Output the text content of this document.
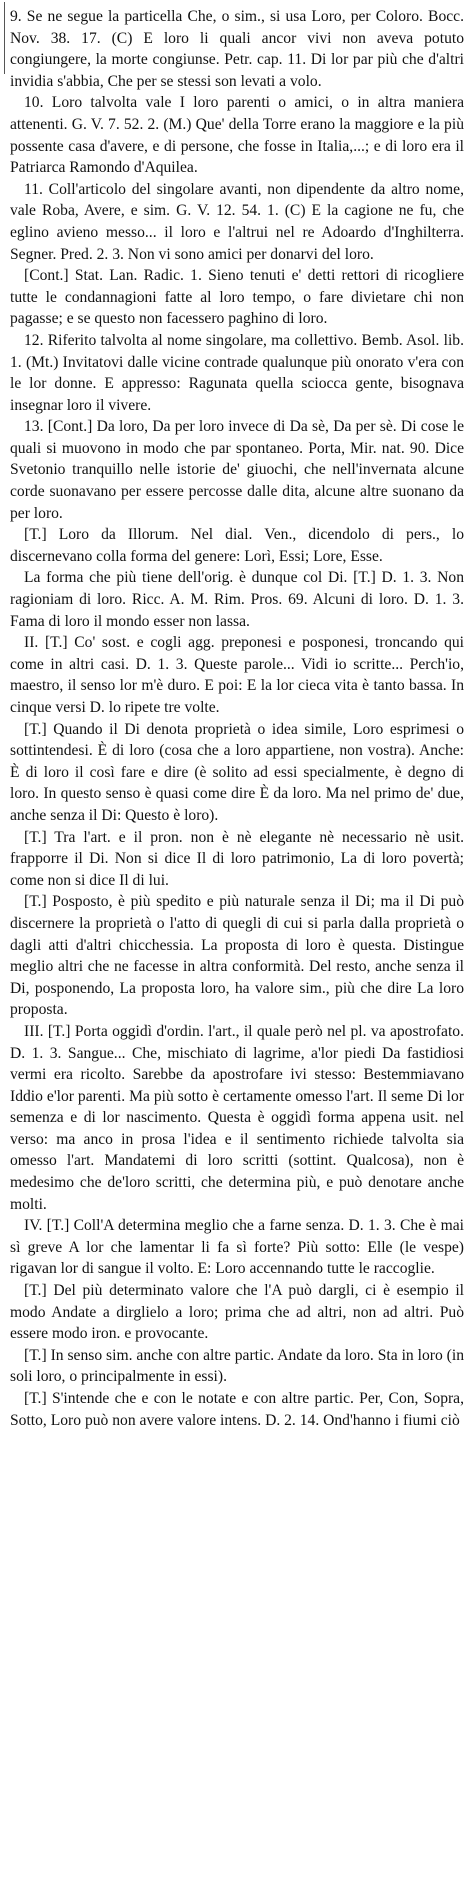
9. Se ne segue la particella Che, o sim., si usa Loro, per Coloro. Bocc. Nov. 38. 17. (C) E loro li quali ancor vivi non aveva potuto congiungere, la morte congiunse. Petr. cap. 11. Di lor par più che d'altri invidia s'abbia, Che per se stessi son levati a volo.

10. Loro talvolta vale I loro parenti o amici, o in altra maniera attenenti. G. V. 7. 52. 2. (M.) Que' della Torre erano la maggiore e la più possente casa d'avere, e di persone, che fosse in Italia,...; e di loro era il Patriarca Ramondo d'Aquilea.

11. Coll'articolo del singolare avanti, non dipendente da altro nome, vale Roba, Avere, e sim. G. V. 12. 54. 1. (C) E la cagione ne fu, che eglino avieno messo... il loro e l'altrui nel re Adoardo d'Inghilterra. Segner. Pred. 2. 3. Non vi sono amici per donarvi del loro.

[Cont.] Stat. Lan. Radic. 1. Sieno tenuti e' detti rettori di ricogliere tutte le condannagioni fatte al loro tempo, o fare divietare chi non pagasse; e se questo non facessero paghino di loro.

12. Riferito talvolta al nome singolare, ma collettivo. Bemb. Asol. lib. 1. (Mt.) Invitatovi dalle vicine contrade qualunque più onorato v'era con le lor donne. E appresso: Ragunata quella sciocca gente, bisognava insegnar loro il vivere.

13. [Cont.] Da loro, Da per loro invece di Da sè, Da per sè. Di cose le quali si muovono in modo che par spontaneo. Porta, Mir. nat. 90. Dice Svetonio tranquillo nelle istorie de' giuochi, che nell'invernata alcune corde suonavano per essere percosse dalle dita, alcune altre suonano da per loro.

[T.] Loro da Illorum. Nel dial. Ven., dicendolo di pers., lo discernevano colla forma del genere: Lorì, Essi; Lore, Esse.

La forma che più tiene dell'orig. è dunque col Di. [T.] D. 1. 3. Non ragioniam di loro. Ricc. A. M. Rim. Pros. 69. Alcuni di loro. D. 1. 3. Fama di loro il mondo esser non lassa.

II. [T.] Co' sost. e cogli agg. preponesi e posponesi, troncando qui come in altri casi. D. 1. 3. Queste parole... Vidi io scritte... Perch'io, maestro, il senso lor m'è duro. E poi: E la lor cieca vita è tanto bassa. In cinque versi D. lo ripete tre volte.

[T.] Quando il Di denota proprietà o idea simile, Loro esprimesi o sottintendesi. È di loro (cosa che a loro appartiene, non vostra). Anche: È di loro il così fare e dire (è solito ad essi specialmente, è degno di loro. In questo senso è quasi come dire È da loro. Ma nel primo de' due, anche senza il Di: Questo è loro).

[T.] Tra l'art. e il pron. non è nè elegante nè necessario nè usit. frapporre il Di. Non si dice Il di loro patrimonio, La di loro povertà; come non si dice Il di lui.

[T.] Posposto, è più spedito e più naturale senza il Di; ma il Di può discernere la proprietà o l'atto di quegli di cui si parla dalla proprietà o dagli atti d'altri chicchessia. La proposta di loro è questa. Distingue meglio altri che ne facesse in altra conformità. Del resto, anche senza il Di, posponendo, La proposta loro, ha valore sim., più che dire La loro proposta.

III. [T.] Porta oggidì d'ordin. l'art., il quale però nel pl. va apostrofato. D. 1. 3. Sangue... Che, mischiato di lagrime, a'lor piedi Da fastidiosi vermi era ricolto. Sarebbe da apostrofare ivi stesso: Bestemmiavano Iddio e'lor parenti. Ma più sotto è certamente omesso l'art. Il seme Di lor semenza e di lor nascimento. Questa è oggidì forma appena usit. nel verso: ma anco in prosa l'idea e il sentimento richiede talvolta sia omesso l'art. Mandatemi di loro scritti (sottint. Qualcosa), non è medesimo che de'loro scritti, che determina più, e può denotare anche molti.

IV. [T.] Coll'A determina meglio che a farne senza. D. 1. 3. Che è mai sì greve A lor che lamentar li fa sì forte? Più sotto: Elle (le vespe) rigavan lor di sangue il volto. E: Loro accennando tutte le raccoglie.

[T.] Del più determinato valore che l'A può dargli, ci è esempio il modo Andate a dirglielo a loro; prima che ad altri, non ad altri. Può essere modo iron. e provocante.

[T.] In senso sim. anche con altre partic. Andate da loro. Sta in loro (in soli loro, o principalmente in essi).

[T.] S'intende che e con le notate e con altre partic. Per, Con, Sopra, Sotto, Loro può non avere valore intens. D. 2. 14. Ond'hanno i fiumi ciò
